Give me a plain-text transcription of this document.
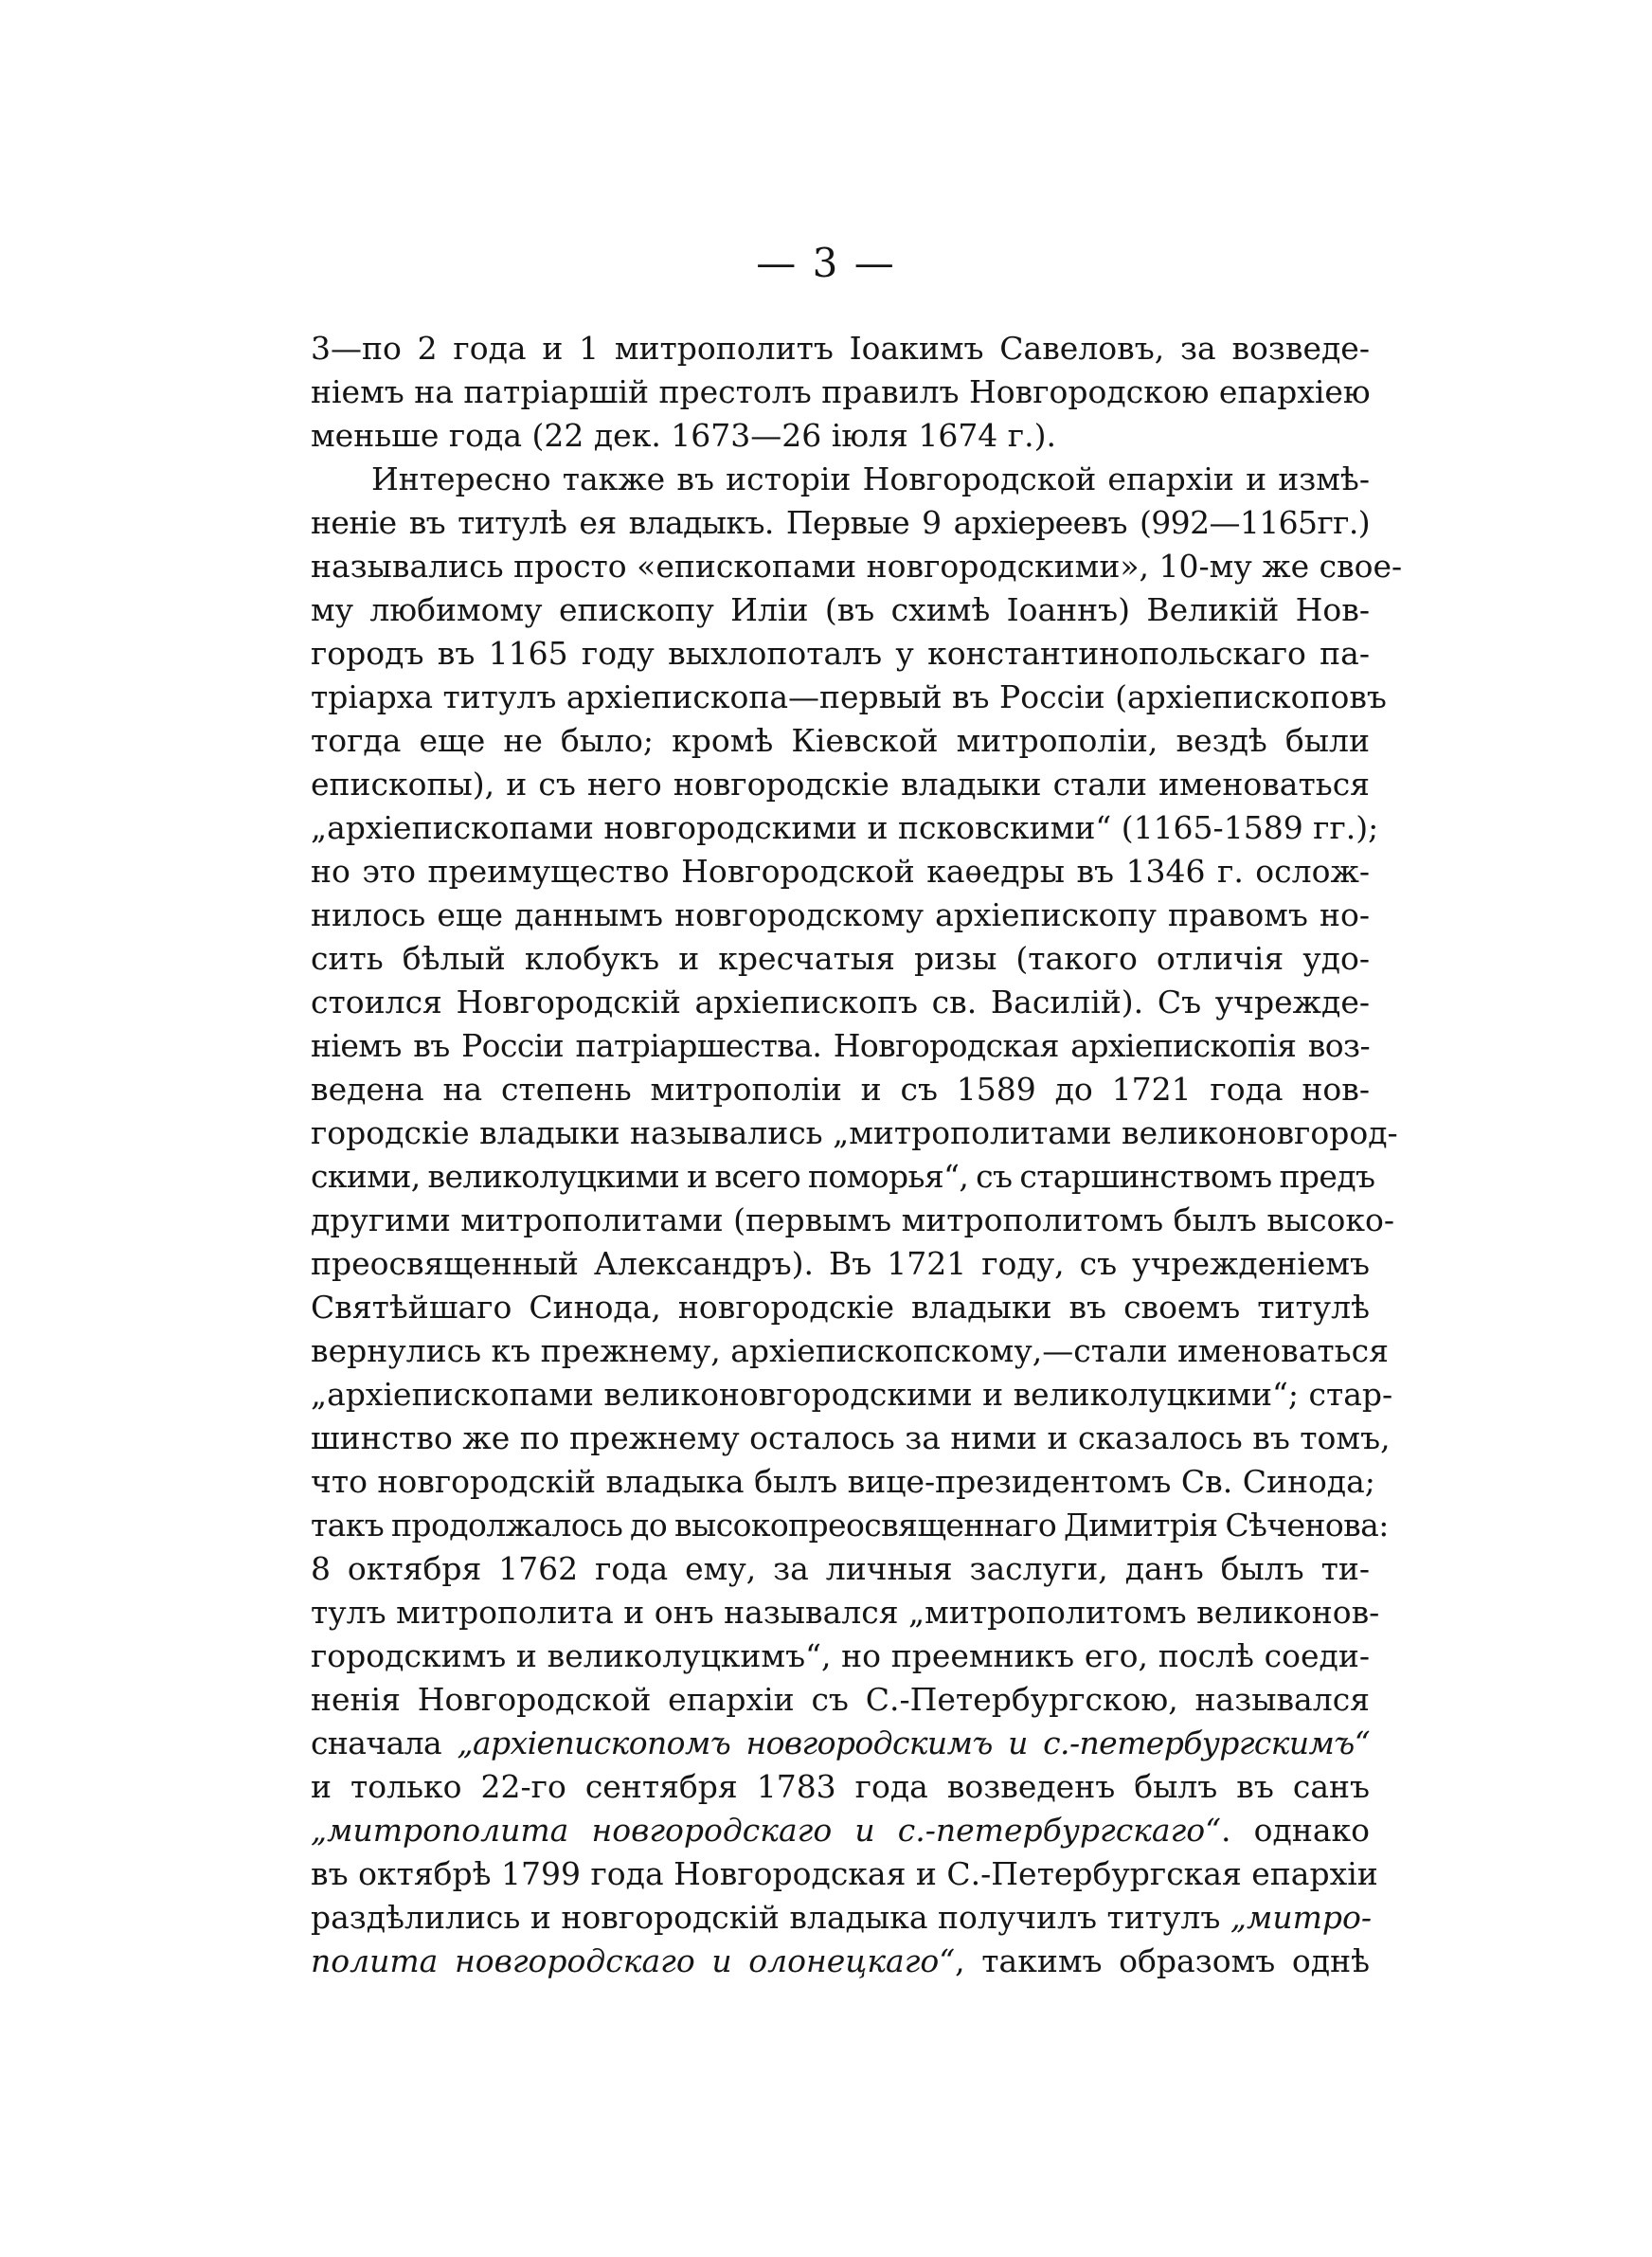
— 3 —
3—по 2 года и 1 митрополитъ Іоакимъ Савеловъ, за возведе-
ніемъ на патріаршій престолъ правилъ Новгородскою епархіею
меньше года (22 дек. 1673—26 іюля 1674 г.).
Интересно также въ исторіи Новгородской епархіи и измѣ-
неніе въ титулѣ ея владыкъ. Первые 9 архіереевъ (992—1165гг.)
назывались просто «епископами новгородскими», 10-му же свое-
му любимому епископу Иліи (въ схимѣ Іоаннъ) Великій Нов-
городъ въ 1165 году выхлопоталъ у константинопольскаго па-
тріарха титулъ архіепископа—первый въ Россіи (архіепископовъ
тогда еще не было; кромѣ Кіевской митрополіи, вездѣ были
епископы), и съ него новгородскіе владыки стали именоваться
„архіепископами новгородскими и псковскими“ (1165-1589 гг.);
но это преимущество Новгородской каѳедры въ 1346 г. ослож-
нилось еще даннымъ новгородскому архіепископу правомъ но-
сить бѣлый клобукъ и кресчатыя ризы (такого отличія удо-
стоился Новгородскій архіепископъ св. Василій). Съ учрежде-
ніемъ въ Россіи патріаршества. Новгородская архіепископія воз-
ведена на степень митрополіи и съ 1589 до 1721 года нов-
городскіе владыки назывались „митрополитами великоновгород-
скими, великолуцкими и всего поморья“, съ старшинствомъ предъ
другими митрополитами (первымъ митрополитомъ былъ высоко-
преосвященный Александръ). Въ 1721 году, съ учрежденіемъ
Святѣйшаго Синода, новгородскіе владыки въ своемъ титулѣ
вернулись къ прежнему, архіепископскому,—стали именоваться
„архіепископами великоновгородскими и великолуцкими“; стар-
шинство же по прежнему осталось за ними и сказалось въ томъ,
что новгородскій владыка былъ вице-президентомъ Св. Синода;
такъ продолжалось до высокопреосвященнаго Димитрія Сѣченова:
8 октября 1762 года ему, за личныя заслуги, данъ былъ ти-
тулъ митрополита и онъ назывался „митрополитомъ великонов-
городскимъ и великолуцкимъ“, но преемникъ его, послѣ соеди-
ненія Новгородской епархіи съ С.-Петербургскою, назывался
сначала „архіепископомъ новгородскимъ и с.-петербургскимъ“
и только 22-го сентября 1783 года возведенъ былъ въ санъ
„митрополита новгородскаго и с.-петербургскаго“. однако
въ октябрѣ 1799 года Новгородская и С.-Петербургская епархіи
раздѣлились и новгородскій владыка получилъ титулъ „митро-
полита новгородскаго и олонецкаго“, такимъ образомъ однѣ
